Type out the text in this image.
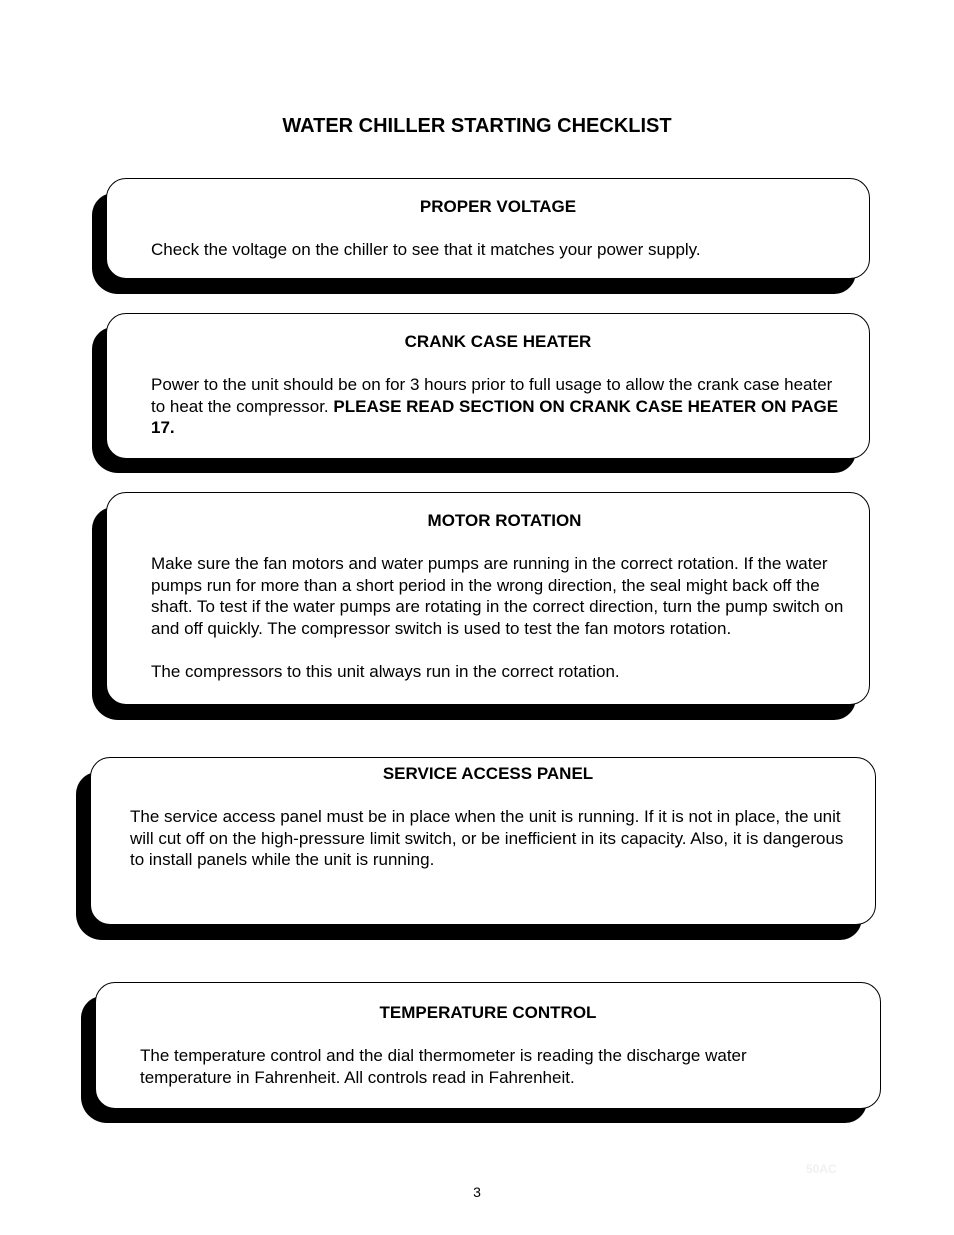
WATER CHILLER STARTING CHECKLIST
PROPER VOLTAGE

Check the voltage on the chiller to see that it matches your power supply.

CRANK CASE HEATER

Power to the unit should be on for 3 hours prior to full usage to allow the crank case heater to heat the compressor. PLEASE READ SECTION ON CRANK CASE HEATER ON PAGE 17.

MOTOR ROTATION

Make sure the fan motors and water pumps are running in the correct rotation. If the water pumps run for more than a short period in the wrong direction, the seal might back off the shaft. To test if the water pumps are rotating in the correct direction, turn the pump switch on and off quickly. The compressor switch is used to test the fan motors rotation.

The compressors to this unit always run in the correct rotation.

SERVICE ACCESS PANEL

The service access panel must be in place when the unit is running. If it is not in place, the unit will cut off on the high-pressure limit switch, or be inefficient in its capacity. Also, it is dangerous to install panels while the unit is running.

TEMPERATURE CONTROL

The temperature control and the dial thermometer is reading the discharge water temperature in Fahrenheit. All controls read in Fahrenheit.

50AC
3
